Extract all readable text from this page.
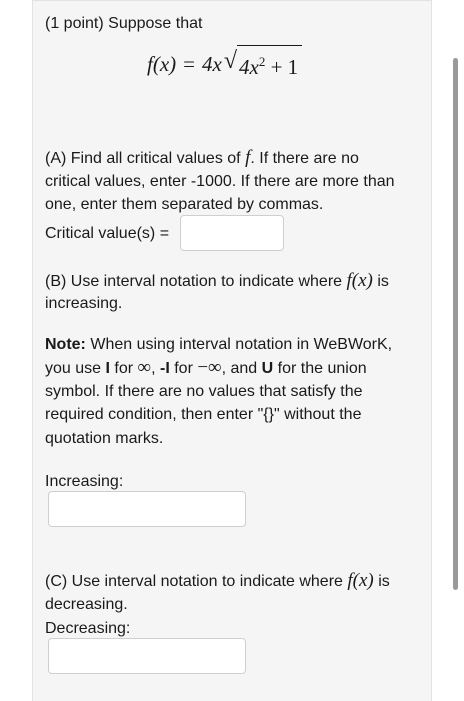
(1 point) Suppose that
f(x) = 4x √ $4x^2 + 1$
(A) Find all critical values of f. If there are no
critical values, enter -1000. If there are more than
one, enter them separated by commas.
Critical value(s) =
(B) Use interval notation to indicate where f(x) is
increasing.
Note: When using interval notation in WeBWorK,
you use I for ∞, -I for −∞, and U for the union
symbol. If there are no values that satisfy the
required condition, then enter "{}" without the
quotation marks.
Increasing:
(C) Use interval notation to indicate where f(x) is
decreasing.
Decreasing:
